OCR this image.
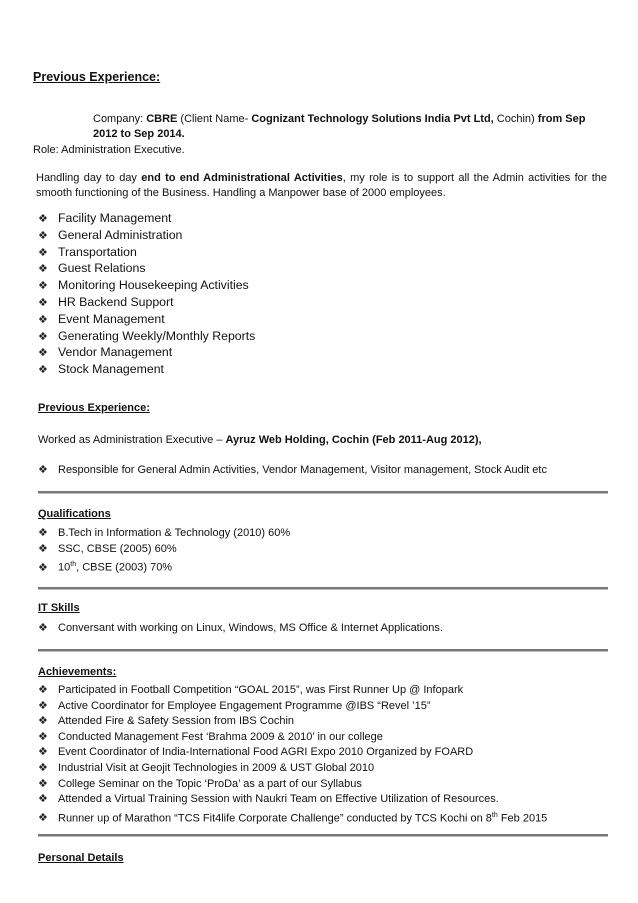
Previous Experience:
Company: CBRE (Client Name- Cognizant Technology Solutions India Pvt Ltd, Cochin) from Sep 2012 to Sep 2014.
Role: Administration Executive.
Handling day to day end to end Administrational Activities, my role is to support all the Admin activities for the smooth functioning of the Business. Handling a Manpower base of 2000 employees.
❖ Facility Management
❖ General Administration
❖ Transportation
❖ Guest Relations
❖ Monitoring Housekeeping Activities
❖ HR Backend Support
❖ Event Management
❖ Generating Weekly/Monthly Reports
❖ Vendor Management
❖ Stock Management
Previous Experience:
Worked as Administration Executive – Ayruz Web Holding, Cochin (Feb 2011-Aug 2012),
❖ Responsible for General Admin Activities, Vendor Management, Visitor management, Stock Audit etc
Qualifications
❖ B.Tech in Information & Technology (2010) 60%
❖ SSC, CBSE (2005) 60%
❖ 10th, CBSE (2003) 70%
IT Skills
❖ Conversant with working on Linux, Windows, MS Office & Internet Applications.
Achievements:
❖ Participated in Football Competition “GOAL 2015”, was First Runner Up @ Infopark
❖ Active Coordinator for Employee Engagement Programme @IBS “Revel ’15”
❖ Attended Fire & Safety Session from IBS Cochin
❖ Conducted Management Fest ‘Brahma 2009 & 2010’ in our college
❖ Event Coordinator of India-International Food AGRI Expo 2010 Organized by FOARD
❖ Industrial Visit at Geojit Technologies in 2009 & UST Global 2010
❖ College Seminar on the Topic ‘ProDa’ as a part of our Syllabus
❖ Attended a Virtual Training Session with Naukri Team on Effective Utilization of Resources.
❖ Runner up of Marathon “TCS Fit4life Corporate Challenge” conducted by TCS Kochi on 8th Feb 2015
Personal Details
